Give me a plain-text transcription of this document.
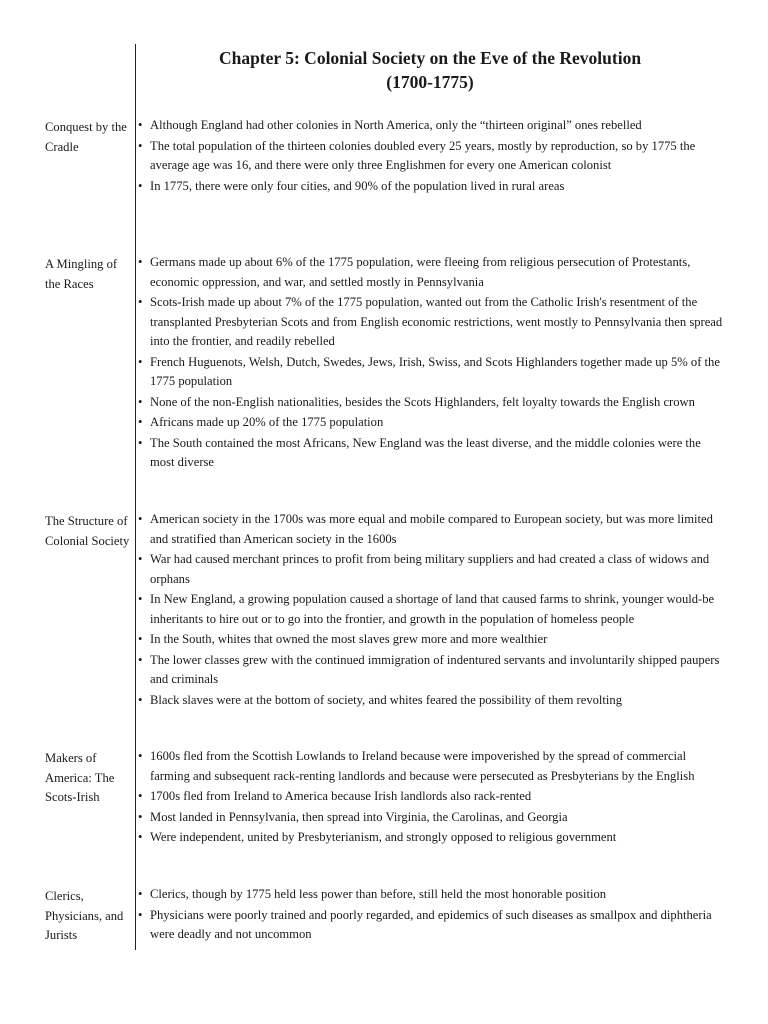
Chapter 5: Colonial Society on the Eve of the Revolution
(1700-1775)
Conquest by the Cradle
• Although England had other colonies in North America, only the “thirteen original” ones rebelled
• The total population of the thirteen colonies doubled every 25 years, mostly by reproduction, so by 1775 the average age was 16, and there were only three Englishmen for every one American colonist
• In 1775, there were only four cities, and 90% of the population lived in rural areas
A Mingling of the Races
• Germans made up about 6% of the 1775 population, were fleeing from religious persecution of Protestants, economic oppression, and war, and settled mostly in Pennsylvania
• Scots-Irish made up about 7% of the 1775 population, wanted out from the Catholic Irish's resentment of the transplanted Presbyterian Scots and from English economic restrictions, went mostly to Pennsylvania then spread into the frontier, and readily rebelled
• French Huguenots, Welsh, Dutch, Swedes, Jews, Irish, Swiss, and Scots Highlanders together made up 5% of the 1775 population
• None of the non-English nationalities, besides the Scots Highlanders, felt loyalty towards the English crown
• Africans made up 20% of the 1775 population
• The South contained the most Africans, New England was the least diverse, and the middle colonies were the most diverse
The Structure of Colonial Society
• American society in the 1700s was more equal and mobile compared to European society, but was more limited and stratified than American society in the 1600s
• War had caused merchant princes to profit from being military suppliers and had created a class of widows and orphans
• In New England, a growing population caused a shortage of land that caused farms to shrink, younger would-be inheritants to hire out or to go into the frontier, and growth in the population of homeless people
• In the South, whites that owned the most slaves grew more and more wealthier
• The lower classes grew with the continued immigration of indentured servants and involuntarily shipped paupers and criminals
• Black slaves were at the bottom of society, and whites feared the possibility of them revolting
Makers of America: The Scots-Irish
• 1600s fled from the Scottish Lowlands to Ireland because were impoverished by the spread of commercial farming and subsequent rack-renting landlords and because were persecuted as Presbyterians by the English
• 1700s fled from Ireland to America because Irish landlords also rack-rented
• Most landed in Pennsylvania, then spread into Virginia, the Carolinas, and Georgia
• Were independent, united by Presbyterianism, and strongly opposed to religious government
Clerics, Physicians, and Jurists
• Clerics, though by 1775 held less power than before, still held the most honorable position
• Physicians were poorly trained and poorly regarded, and epidemics of such diseases as smallpox and diphtheria were deadly and not uncommon
